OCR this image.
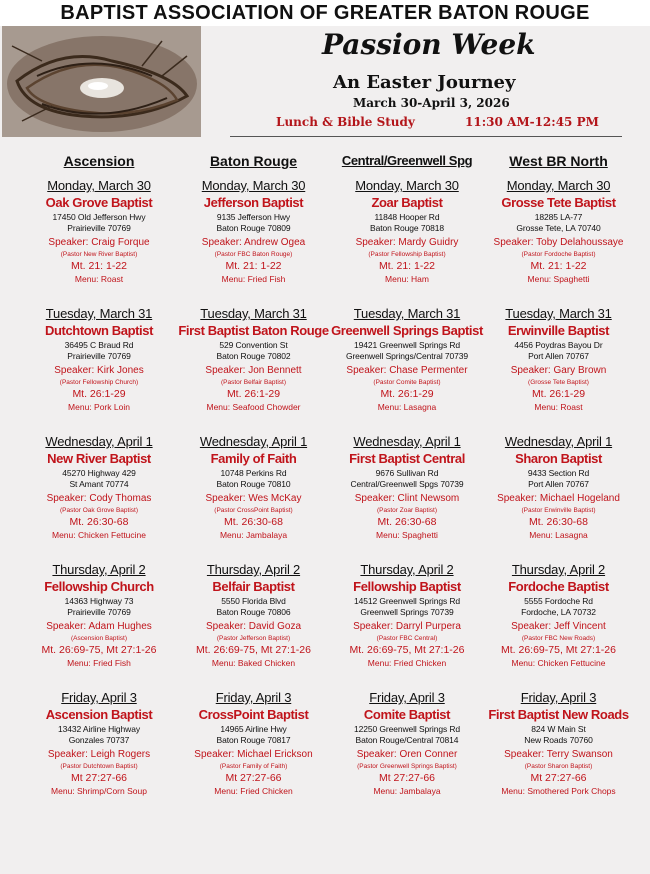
BAPTIST ASSOCIATION OF GREATER BATON ROUGE
Passion Week
An Easter Journey
March 30-April 3, 2026
Lunch & Bible Study	11:30 AM-12:45 PM
Ascension
Monday, March 30
Oak Grove Baptist
17450 Old Jefferson Hwy
Prairieville 70769
Speaker: Craig Forque
(Pastor New River Baptist)
Mt. 21: 1-22
Menu: Roast
Tuesday, March 31
Dutchtown Baptist
36495 C Braud Rd
Prairieville 70769
Speaker: Kirk Jones
(Pastor Fellowship Church)
Mt. 26:1-29
Menu: Pork Loin
Wednesday, April 1
New River Baptist
45270 Highway 429
St Amant 70774
Speaker: Cody Thomas
(Pastor Oak Grove Baptist)
Mt. 26:30-68
Menu: Chicken Fettucine
Thursday, April 2
Fellowship Church
14363 Highway 73
Prairieville 70769
Speaker: Adam Hughes
(Ascension Baptist)
Mt. 26:69-75, Mt 27:1-26
Menu: Fried Fish
Friday, April 3
Ascension Baptist
13432 Airline Highway
Gonzales 70737
Speaker: Leigh Rogers
(Pastor Dutchtown Baptist)
Mt 27:27-66
Menu: Shrimp/Corn Soup
Baton Rouge
Monday, March 30
Jefferson Baptist
9135 Jefferson Hwy
Baton Rouge 70809
Speaker: Andrew Ogea
(Pastor FBC Baton Rouge)
Mt. 21: 1-22
Menu: Fried Fish
Tuesday, March 31
First Baptist Baton Rouge
529 Convention St
Baton Rouge 70802
Speaker: Jon Bennett
(Pastor Belfair Baptist)
Mt. 26:1-29
Menu: Seafood Chowder
Wednesday, April 1
Family of Faith
10748 Perkins Rd
Baton Rouge 70810
Speaker: Wes McKay
(Pastor CrossPoint Baptist)
Mt. 26:30-68
Menu: Jambalaya
Thursday, April 2
Belfair Baptist
5550 Florida Blvd
Baton Rouge 70806
Speaker: David Goza
(Pastor Jefferson Baptist)
Mt. 26:69-75, Mt 27:1-26
Menu: Baked Chicken
Friday, April 3
CrossPoint Baptist
14965 Airline Hwy
Baton Rouge 70817
Speaker: Michael Erickson
(Pastor Family of Faith)
Mt 27:27-66
Menu: Fried Chicken
Central/Greenwell Spg
Monday, March 30
Zoar Baptist
11848 Hooper Rd
Baton Rouge 70818
Speaker: Mardy Guidry
(Pastor Fellowship Baptist)
Mt. 21: 1-22
Menu: Ham
Tuesday, March 31
Greenwell Springs Baptist
19421 Greenwell Springs Rd
Greenwell Springs/Central 70739
Speaker: Chase Permenter
(Pastor Comite Baptist)
Mt. 26:1-29
Menu: Lasagna
Wednesday, April 1
First Baptist Central
9676 Sullivan Rd
Central/Greenwell Spgs 70739
Speaker: Clint Newsom
(Pastor Zoar Baptist)
Mt. 26:30-68
Menu: Spaghetti
Thursday, April 2
Fellowship Baptist
14512 Greenwell Springs Rd
Greenwell Springs 70739
Speaker: Darryl Purpera
(Pastor FBC Central)
Mt. 26:69-75, Mt 27:1-26
Menu: Fried Chicken
Friday, April 3
Comite Baptist
12250 Greenwell Springs Rd
Baton Rouge/Central 70814
Speaker: Oren Conner
(Pastor Greenwell Springs Baptist)
Mt 27:27-66
Menu: Jambalaya
West BR North
Monday, March 30
Grosse Tete Baptist
18285 LA-77
Grosse Tete, LA 70740
Speaker: Toby Delahoussaye
(Pastor Fordoche Baptist)
Mt. 21: 1-22
Menu: Spaghetti
Tuesday, March 31
Erwinville Baptist
4456 Poydras Bayou Dr
Port Allen 70767
Speaker: Gary Brown
(Grosse Tete Baptist)
Mt. 26:1-29
Menu: Roast
Wednesday, April 1
Sharon Baptist
9433 Section Rd
Port Allen 70767
Speaker: Michael Hogeland
(Pastor Erwinville Baptist)
Mt. 26:30-68
Menu: Lasagna
Thursday, April 2
Fordoche Baptist
5555 Fordoche Rd
Fordoche, LA 70732
Speaker: Jeff Vincent
(Pastor FBC New Roads)
Mt. 26:69-75, Mt 27:1-26
Menu: Chicken Fettucine
Friday, April 3
First Baptist New Roads
824 W Main St
New Roads 70760
Speaker: Terry Swanson
(Pastor Sharon Baptist)
Mt 27:27-66
Menu: Smothered Pork Chops
